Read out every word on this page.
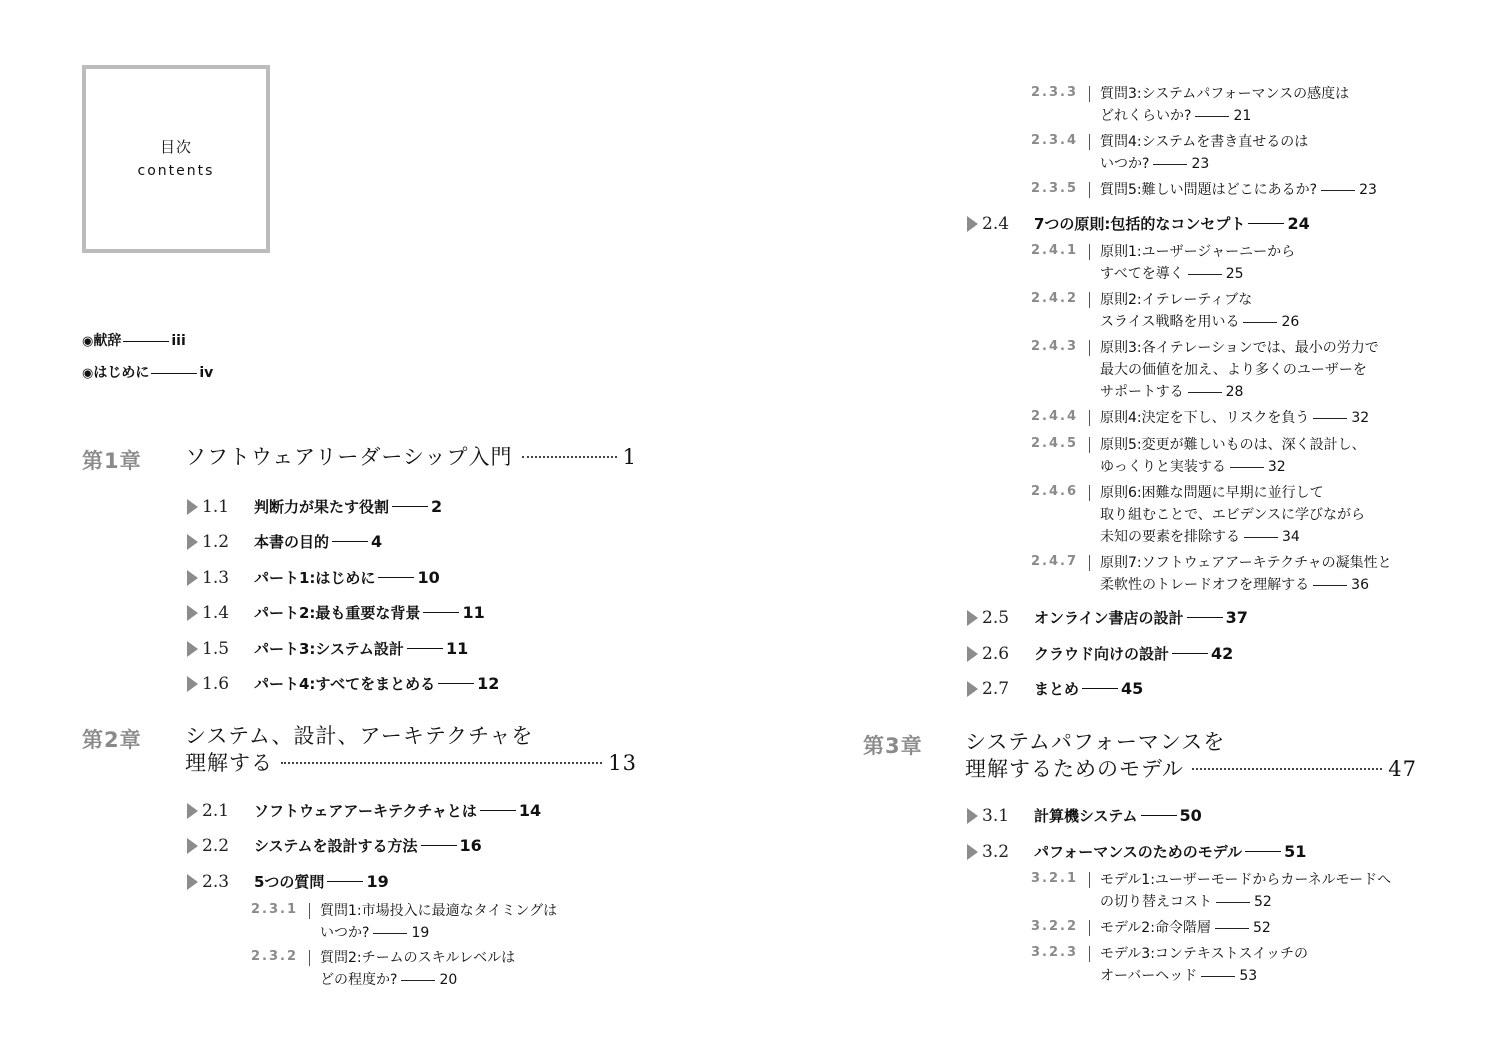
目次
contents
◉献辞	iii
◉はじめに	iv
第1章 ソフトウェアリーダーシップ入門	1
1.1	判断力が果たす役割	2
1.2	本書の目的	4
1.3	パート1:はじめに	10
1.4	パート2:最も重要な背景	11
1.5	パート3:システム設計	11
1.6	パート4:すべてをまとめる	12
第2章 システム、設計、アーキテクチャを
理解する	13
2.1	ソフトウェアアーキテクチャとは	14
2.2	システムを設計する方法	16
2.3	5つの質問	19
2.3.1	質問1:市場投入に最適なタイミングは
いつか?	19
2.3.2	質問2:チームのスキルレベルは
どの程度か?	20
2.3.3	質問3:システムパフォーマンスの感度は
どれくらいか?	21
2.3.4	質問4:システムを書き直せるのは
いつか?	23
2.3.5	質問5:難しい問題はどこにあるか?	23
2.4	7つの原則:包括的なコンセプト	24
2.4.1	原則1:ユーザージャーニーから
すべてを導く	25
2.4.2	原則2:イテレーティブな
スライス戦略を用いる	26
2.4.3	原則3:各イテレーションでは、最小の労力で
最大の価値を加え、より多くのユーザーを
サポートする	28
2.4.4	原則4:決定を下し、リスクを負う	32
2.4.5	原則5:変更が難しいものは、深く設計し、
ゆっくりと実装する	32
2.4.6	原則6:困難な問題に早期に並行して
取り組むことで、エビデンスに学びながら
未知の要素を排除する	34
2.4.7	原則7:ソフトウェアアーキテクチャの凝集性と
柔軟性のトレードオフを理解する	36
2.5	オンライン書店の設計	37
2.6	クラウド向けの設計	42
2.7	まとめ	45
第3章 システムパフォーマンスを
理解するためのモデル	47
3.1	計算機システム	50
3.2	パフォーマンスのためのモデル	51
3.2.1	モデル1:ユーザーモードからカーネルモードへ
の切り替えコスト	52
3.2.2	モデル2:命令階層	52
3.2.3	モデル3:コンテキストスイッチの
オーバーヘッド	53
